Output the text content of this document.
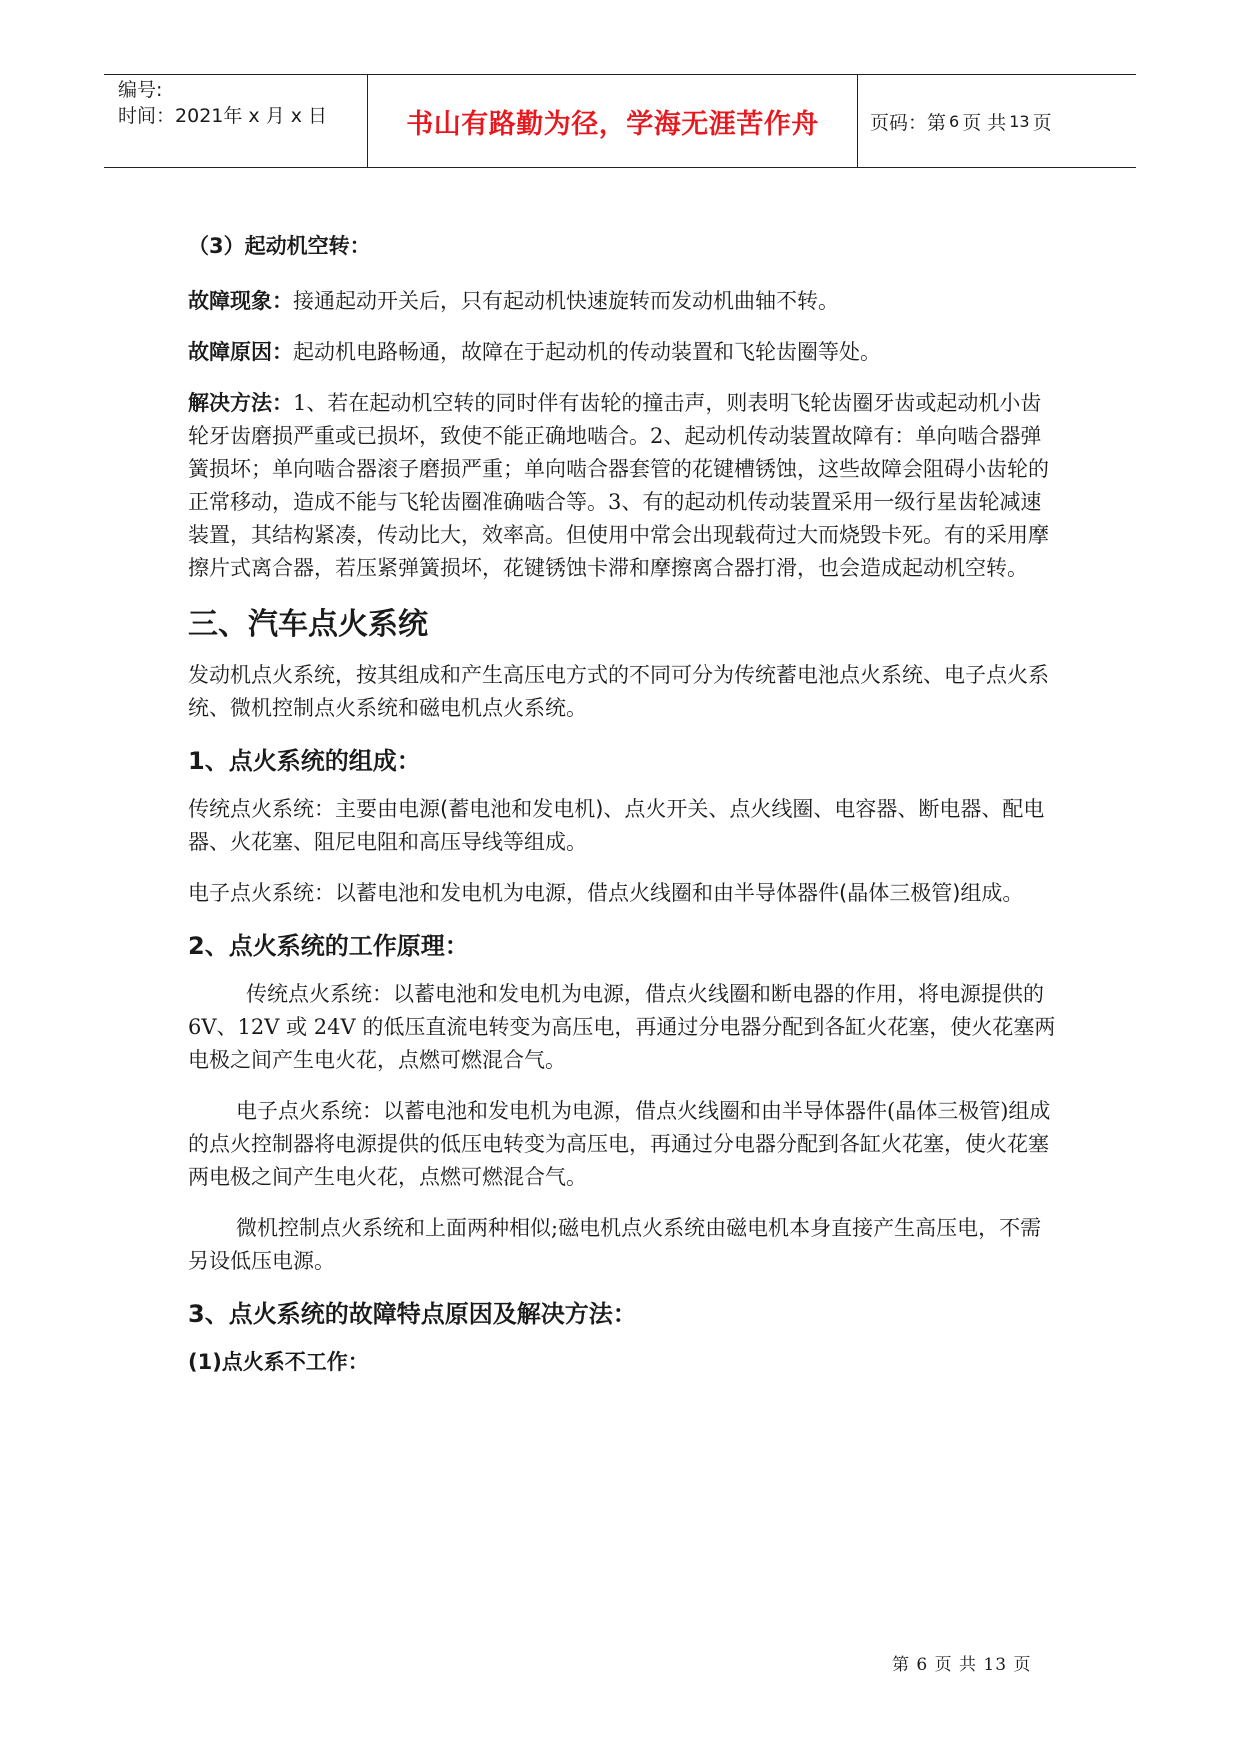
编号:
时间：2021年 x 月 x 日	书山有路勤为径，学海无涯苦作舟	页码：第 6 页 共 13 页

（3）起动机空转：

故障现象：接通起动开关后，只有起动机快速旋转而发动机曲轴不转。

故障原因：起动机电路畅通，故障在于起动机的传动装置和飞轮齿圈等处。

解决方法：1、若在起动机空转的同时伴有齿轮的撞击声，则表明飞轮齿圈牙齿或起动机小齿轮牙齿磨损严重或已损坏，致使不能正确地啮合。2、起动机传动装置故障有：单向啮合器弹簧损坏；单向啮合器滚子磨损严重；单向啮合器套管的花键槽锈蚀，这些故障会阻碍小齿轮的正常移动，造成不能与飞轮齿圈准确啮合等。3、有的起动机传动装置采用一级行星齿轮减速装置，其结构紧凑，传动比大，效率高。但使用中常会出现载荷过大而烧毁卡死。有的采用摩擦片式离合器，若压紧弹簧损坏，花键锈蚀卡滞和摩擦离合器打滑，也会造成起动机空转。

三、汽车点火系统

发动机点火系统，按其组成和产生高压电方式的不同可分为传统蓄电池点火系统、电子点火系统、微机控制点火系统和磁电机点火系统。

1、点火系统的组成：

传统点火系统：主要由电源(蓄电池和发电机)、点火开关、点火线圈、电容器、断电器、配电器、火花塞、阻尼电阻和高压导线等组成。

电子点火系统：以蓄电池和发电机为电源，借点火线圈和由半导体器件(晶体三极管)组成。

2、点火系统的工作原理：

传统点火系统：以蓄电池和发电机为电源，借点火线圈和断电器的作用，将电源提供的 6V、12V 或 24V 的低压直流电转变为高压电，再通过分电器分配到各缸火花塞，使火花塞两电极之间产生电火花，点燃可燃混合气。

电子点火系统：以蓄电池和发电机为电源，借点火线圈和由半导体器件(晶体三极管)组成的点火控制器将电源提供的低压电转变为高压电，再通过分电器分配到各缸火花塞，使火花塞两电极之间产生电火花，点燃可燃混合气。

微机控制点火系统和上面两种相似;磁电机点火系统由磁电机本身直接产生高压电，不需另设低压电源。

3、点火系统的故障特点原因及解决方法：

(1)点火系不工作：

第 6 页 共 13 页
